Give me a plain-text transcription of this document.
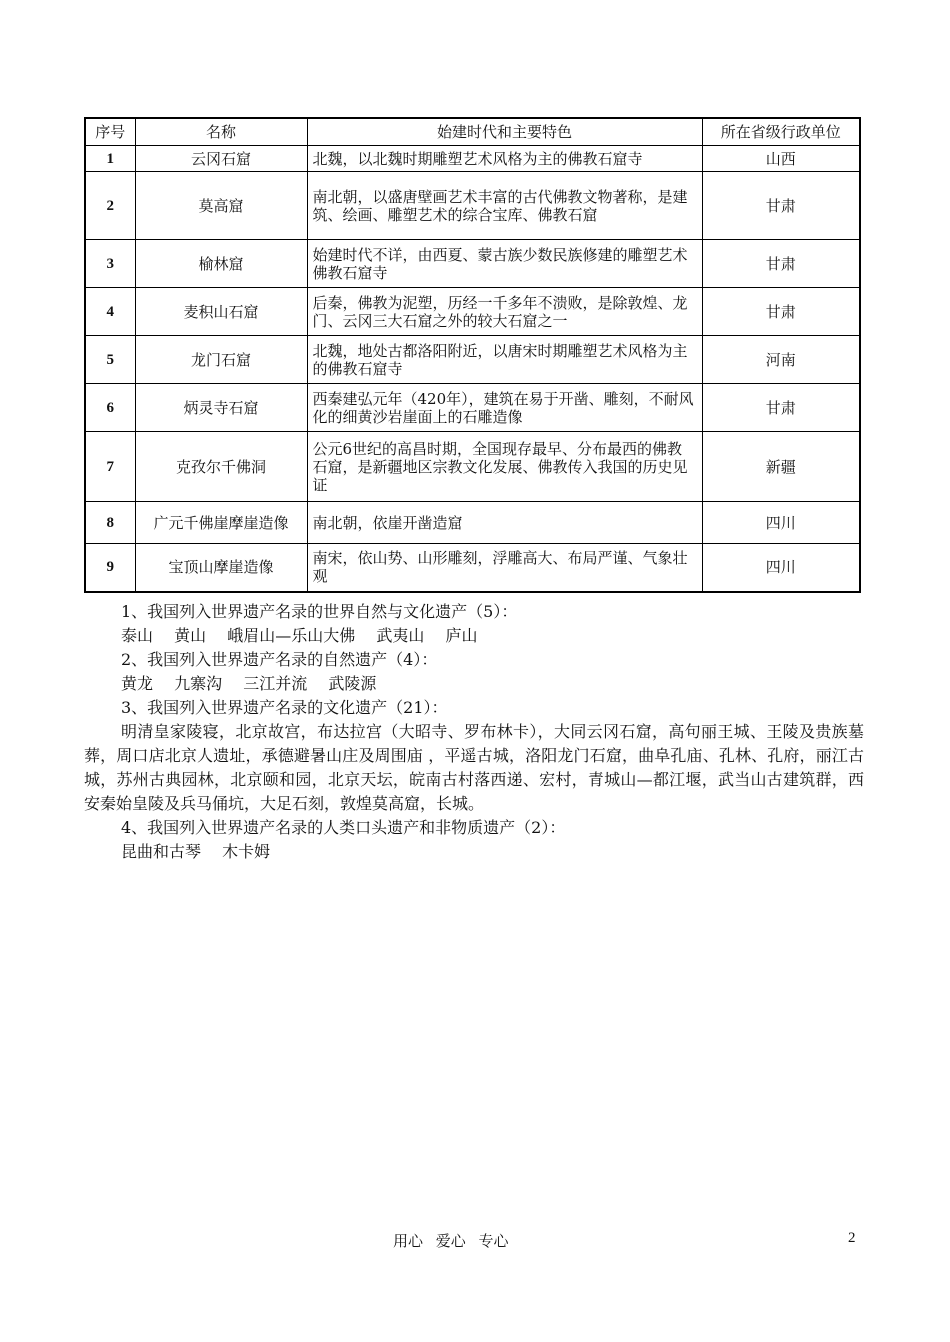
序号	名称	始建时代和主要特色	所在省级行政单位
1	云冈石窟	北魏，以北魏时期雕塑艺术风格为主的佛教石窟寺	山西
2	莫高窟	南北朝，以盛唐壁画艺术丰富的古代佛教文物著称，是建筑、绘画、雕塑艺术的综合宝库、佛教石窟	甘肃
3	榆林窟	始建时代不详，由西夏、蒙古族少数民族修建的雕塑艺术佛教石窟寺	甘肃
4	麦积山石窟	后秦，佛教为泥塑，历经一千多年不溃败，是除敦煌、龙门、云冈三大石窟之外的较大石窟之一	甘肃
5	龙门石窟	北魏，地处古都洛阳附近，以唐宋时期雕塑艺术风格为主的佛教石窟寺	河南
6	炳灵寺石窟	西秦建弘元年（420年），建筑在易于开凿、雕刻，不耐风化的细黄沙岩崖面上的石雕造像	甘肃
7	克孜尔千佛洞	公元6世纪的高昌时期，全国现存最早、分布最西的佛教石窟，是新疆地区宗教文化发展、佛教传入我国的历史见证	新疆
8	广元千佛崖摩崖造像	南北朝，依崖开凿造窟	四川
9	宝顶山摩崖造像	南宋，依山势、山形雕刻，浮雕高大、布局严谨、气象壮观	四川

1、我国列入世界遗产名录的世界自然与文化遗产（5）：

泰山 黄山 峨眉山—乐山大佛 武夷山 庐山

2、我国列入世界遗产名录的自然遗产（4）：

黄龙 九寨沟 三江并流 武陵源

3、我国列入世界遗产名录的文化遗产（21）：

明清皇家陵寝，北京故宫，布达拉宫（大昭寺、罗布林卡），大同云冈石窟，高句丽王城、王陵及贵族墓葬，周口店北京人遗址，承德避暑山庄及周围庙 ，平遥古城，洛阳龙门石窟，曲阜孔庙、孔林、孔府，丽江古城，苏州古典园林，北京颐和园，北京天坛，皖南古村落西递、宏村，青城山—都江堰，武当山古建筑群，西安秦始皇陵及兵马俑坑，大足石刻，敦煌莫高窟，长城。

4、我国列入世界遗产名录的人类口头遗产和非物质遗产（2）：

昆曲和古琴 木卡姆

用心 爱心 专心	2
